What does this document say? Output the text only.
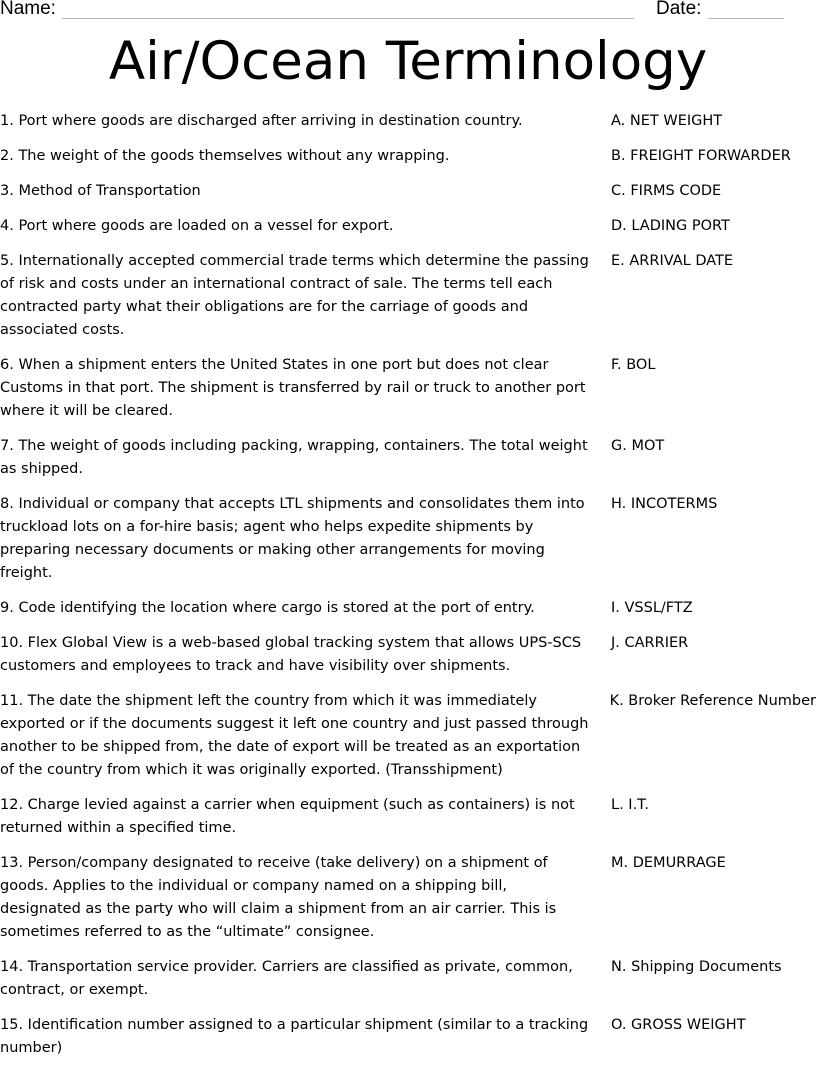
Name:	Date:
Air/Ocean Terminology
1. Port where goods are discharged after arriving in destination country.	A. NET WEIGHT
2. The weight of the goods themselves without any wrapping.	B. FREIGHT FORWARDER
3. Method of Transportation	C. FIRMS CODE
4. Port where goods are loaded on a vessel for export.	D. LADING PORT
5. Internationally accepted commercial trade terms which determine the passing of risk and costs under an international contract of sale. The terms tell each contracted party what their obligations are for the carriage of goods and associated costs.
E. ARRIVAL DATE
6. When a shipment enters the United States in one port but does not clear Customs in that port. The shipment is transferred by rail or truck to another port where it will be cleared.
F. BOL
7. The weight of goods including packing, wrapping, containers. The total weight as shipped.
G. MOT
8. Individual or company that accepts LTL shipments and consolidates them into truckload lots on a for-hire basis; agent who helps expedite shipments by preparing necessary documents or making other arrangements for moving freight.
H. INCOTERMS
9. Code identifying the location where cargo is stored at the port of entry.	I. VSSL/FTZ
10. Flex Global View is a web-based global tracking system that allows UPS-SCS customers and employees to track and have visibility over shipments.
J. CARRIER
11. The date the shipment left the country from which it was immediately exported or if the documents suggest it left one country and just passed through another to be shipped from, the date of export will be treated as an exportation of the country from which it was originally exported. (Transshipment)
K. Broker Reference Number
12. Charge levied against a carrier when equipment (such as containers) is not returned within a specified time.
L. I.T.
13. Person/company designated to receive (take delivery) on a shipment of goods. Applies to the individual or company named on a shipping bill, designated as the party who will claim a shipment from an air carrier. This is sometimes referred to as the “ultimate” consignee.
M. DEMURRAGE
14. Transportation service provider. Carriers are classified as private, common, contract, or exempt.
N. Shipping Documents
15. Identification number assigned to a particular shipment (similar to a tracking number)
O. GROSS WEIGHT
